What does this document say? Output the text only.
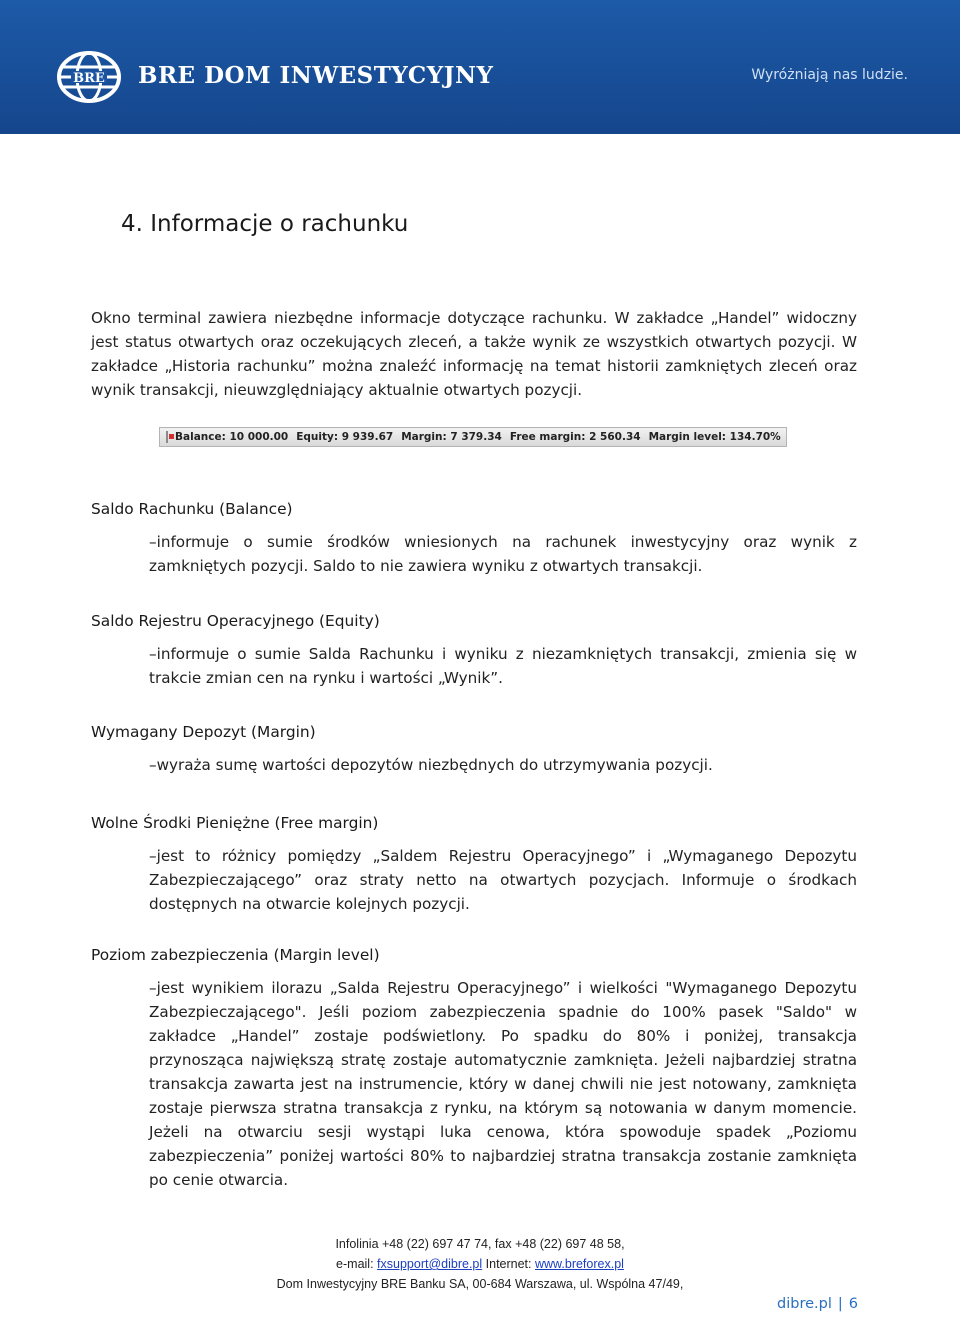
BRE BRE DOM INWESTYCYJNY	Wyróżniają nas ludzie.
4. Informacje o rachunku

Okno terminal zawiera niezbędne informacje dotyczące rachunku. W zakładce „Handel” widoczny jest status otwartych oraz oczekujących zleceń, a także wynik ze wszystkich otwartych pozycji. W zakładce „Historia rachunku” można znaleźć informację na temat historii zamkniętych zleceń oraz wynik transakcji, nieuwzględniający aktualnie otwartych pozycji.

Balance: 10 000.00 Equity: 9 939.67 Margin: 7 379.34 Free margin: 2 560.34 Margin level: 134.70%

Saldo Rachunku (Balance)

–informuje o sumie środków wniesionych na rachunek inwestycyjny oraz wynik z zamkniętych pozycji. Saldo to nie zawiera wyniku z otwartych transakcji.

Saldo Rejestru Operacyjnego (Equity)

–informuje o sumie Salda Rachunku i wyniku z niezamkniętych transakcji, zmienia się w trakcie zmian cen na rynku i wartości „Wynik”.

Wymagany Depozyt (Margin)

–wyraża sumę wartości depozytów niezbędnych do utrzymywania pozycji.

Wolne Środki Pieniężne (Free margin)

–jest to różnicy pomiędzy „Saldem Rejestru Operacyjnego” i „Wymaganego Depozytu Zabezpieczającego” oraz straty netto na otwartych pozycjach. Informuje o środkach dostępnych na otwarcie kolejnych pozycji.

Poziom zabezpieczenia (Margin level)

–jest wynikiem ilorazu „Salda Rejestru Operacyjnego” i wielkości "Wymaganego Depozytu Zabezpieczającego". Jeśli poziom zabezpieczenia spadnie do 100% pasek "Saldo" w zakładce „Handel” zostaje podświetlony. Po spadku do 80% i poniżej, transakcja przynosząca największą stratę zostaje automatycznie zamknięta. Jeżeli najbardziej stratna transakcja zawarta jest na instrumencie, który w danej chwili nie jest notowany, zamknięta zostaje pierwsza stratna transakcja z rynku, na którym są notowania w danym momencie. Jeżeli na otwarciu sesji wystąpi luka cenowa, która spowoduje spadek „Poziomu zabezpieczenia” poniżej wartości 80% to najbardziej stratna transakcja zostanie zamknięta po cenie otwarcia.

Infolinia +48 (22) 697 47 74, fax +48 (22) 697 48 58,

e-mail: fxsupport@dibre.pl Internet: www.breforex.pl

Dom Inwestycyjny BRE Banku SA, 00-684 Warszawa, ul. Wspólna 47/49,

dibre.pl | 6
